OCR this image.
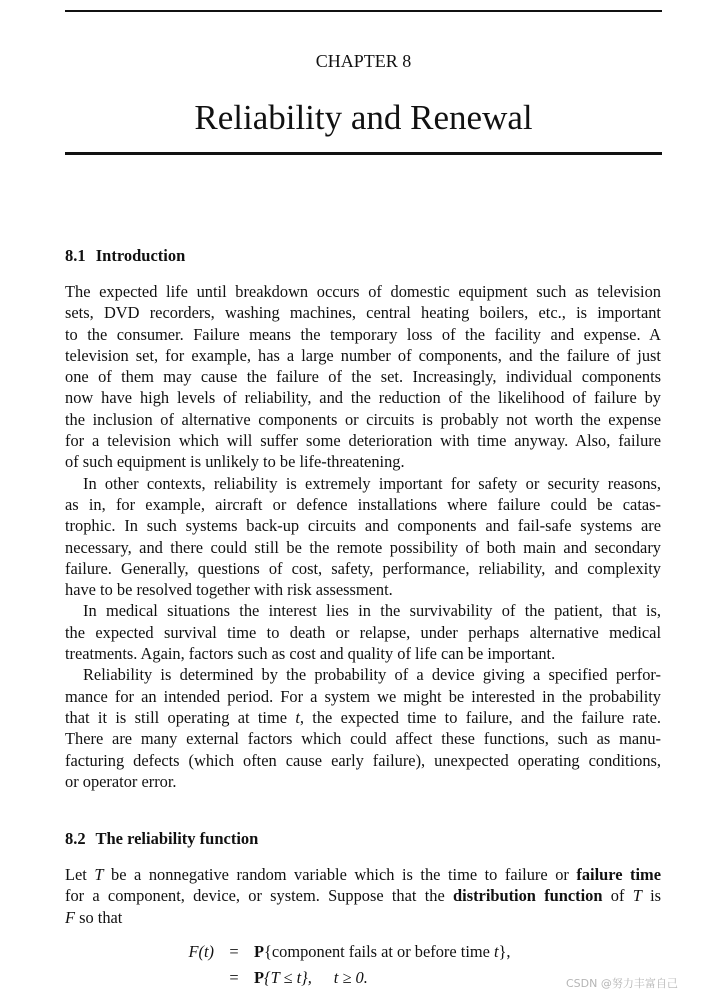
CHAPTER 8
Reliability and Renewal
8.1 Introduction

The expected life until breakdown occurs of domestic equipment such as television
sets, DVD recorders, washing machines, central heating boilers, etc., is important
to the consumer. Failure means the temporary loss of the facility and expense. A
television set, for example, has a large number of components, and the failure of just
one of them may cause the failure of the set. Increasingly, individual components
now have high levels of reliability, and the reduction of the likelihood of failure by
the inclusion of alternative components or circuits is probably not worth the expense
for a television which will suffer some deterioration with time anyway. Also, failure
of such equipment is unlikely to be life-threatening.

In other contexts, reliability is extremely important for safety or security reasons,
as in, for example, aircraft or defence installations where failure could be catas-
trophic. In such systems back-up circuits and components and fail-safe systems are
necessary, and there could still be the remote possibility of both main and secondary
failure. Generally, questions of cost, safety, performance, reliability, and complexity
have to be resolved together with risk assessment.

In medical situations the interest lies in the survivability of the patient, that is,
the expected survival time to death or relapse, under perhaps alternative medical
treatments. Again, factors such as cost and quality of life can be important.

Reliability is determined by the probability of a device giving a specified perfor-
mance for an intended period. For a system we might be interested in the probability
that it is still operating at time t, the expected time to failure, and the failure rate.
There are many external factors which could affect these functions, such as manu-
facturing defects (which often cause early failure), unexpected operating conditions,
or operator error.

8.2 The reliability function

Let T be a nonnegative random variable which is the time to failure or failure time
for a component, device, or system. Suppose that the distribution function of T is
F so that

F(t) = P{component fails at or before time t},
= P{T ≤ t}, t ≥ 0.	CSDN @努力丰富自己
